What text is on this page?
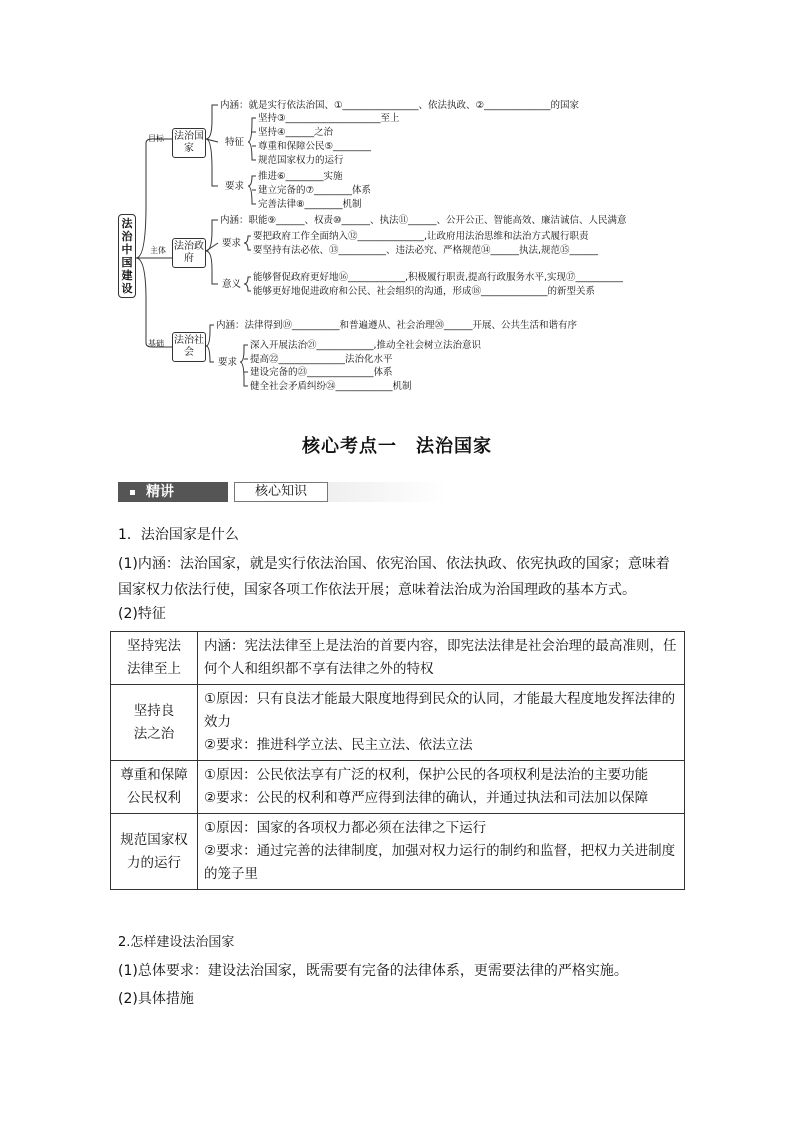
法治中国建设
目标 法治国家
主体 法治政府
基础 法治社会
内涵：就是实行依法治国、①________________、依法执政、②______________的国家
特征
坚持③____________________至上
坚持④______之治
尊重和保障公民⑤________
规范国家权力的运行
要求
推进⑥________实施
建立完备的⑦________体系
完善法律⑧________机制
内涵：职能⑨______、权责⑩______、执法⑪______、公开公正、智能高效、廉洁诚信、人民满意
要求
要把政府工作全面纳入⑫______________,让政府用法治思维和法治方式履行职责
要坚持有法必依、⑬__________、违法必究、严格规范⑭______执法,规范⑮______
意义
能够督促政府更好地⑯____________,积极履行职责,提高行政服务水平,实现⑰__________
能够更好地促进政府和公民、社会组织的沟通，形成⑱______________的新型关系
内涵：法律得到⑲__________和普遍遵从、社会治理⑳______开展、公共生活和谐有序
要求
深入开展法治㉑____________,推动全社会树立法治意识
提高㉒______________法治化水平
建设完备的㉓______________体系
健全社会矛盾纠纷㉔____________机制
核心考点一　法治国家
精讲	核心知识
1．法治国家是什么
(1)内涵：法治国家，就是实行依法治国、依宪治国、依法执政、依宪执政的国家；意味着国家权力依法行使，国家各项工作依法开展；意味着法治成为治国理政的基本方式。
(2)特征
坚持宪法
法律至上	内涵：宪法法律至上是法治的首要内容，即宪法法律是社会治理的最高准则，任何个人和组织都不享有法律之外的特权

坚持良
法之治	①原因：只有良法才能最大限度地得到民众的认同，才能最大程度地发挥法律的效力
②要求：推进科学立法、民主立法、依法立法

尊重和保障
公民权利	①原因：公民依法享有广泛的权利，保护公民的各项权利是法治的主要功能
②要求：公民的权利和尊严应得到法律的确认，并通过执法和司法加以保障

规范国家权
力的运行	①原因：国家的各项权力都必须在法律之下运行
②要求：通过完善的法律制度，加强对权力运行的制约和监督，把权力关进制度的笼子里
2.怎样建设法治国家
(1)总体要求：建设法治国家，既需要有完备的法律体系，更需要法律的严格实施。
(2)具体措施
